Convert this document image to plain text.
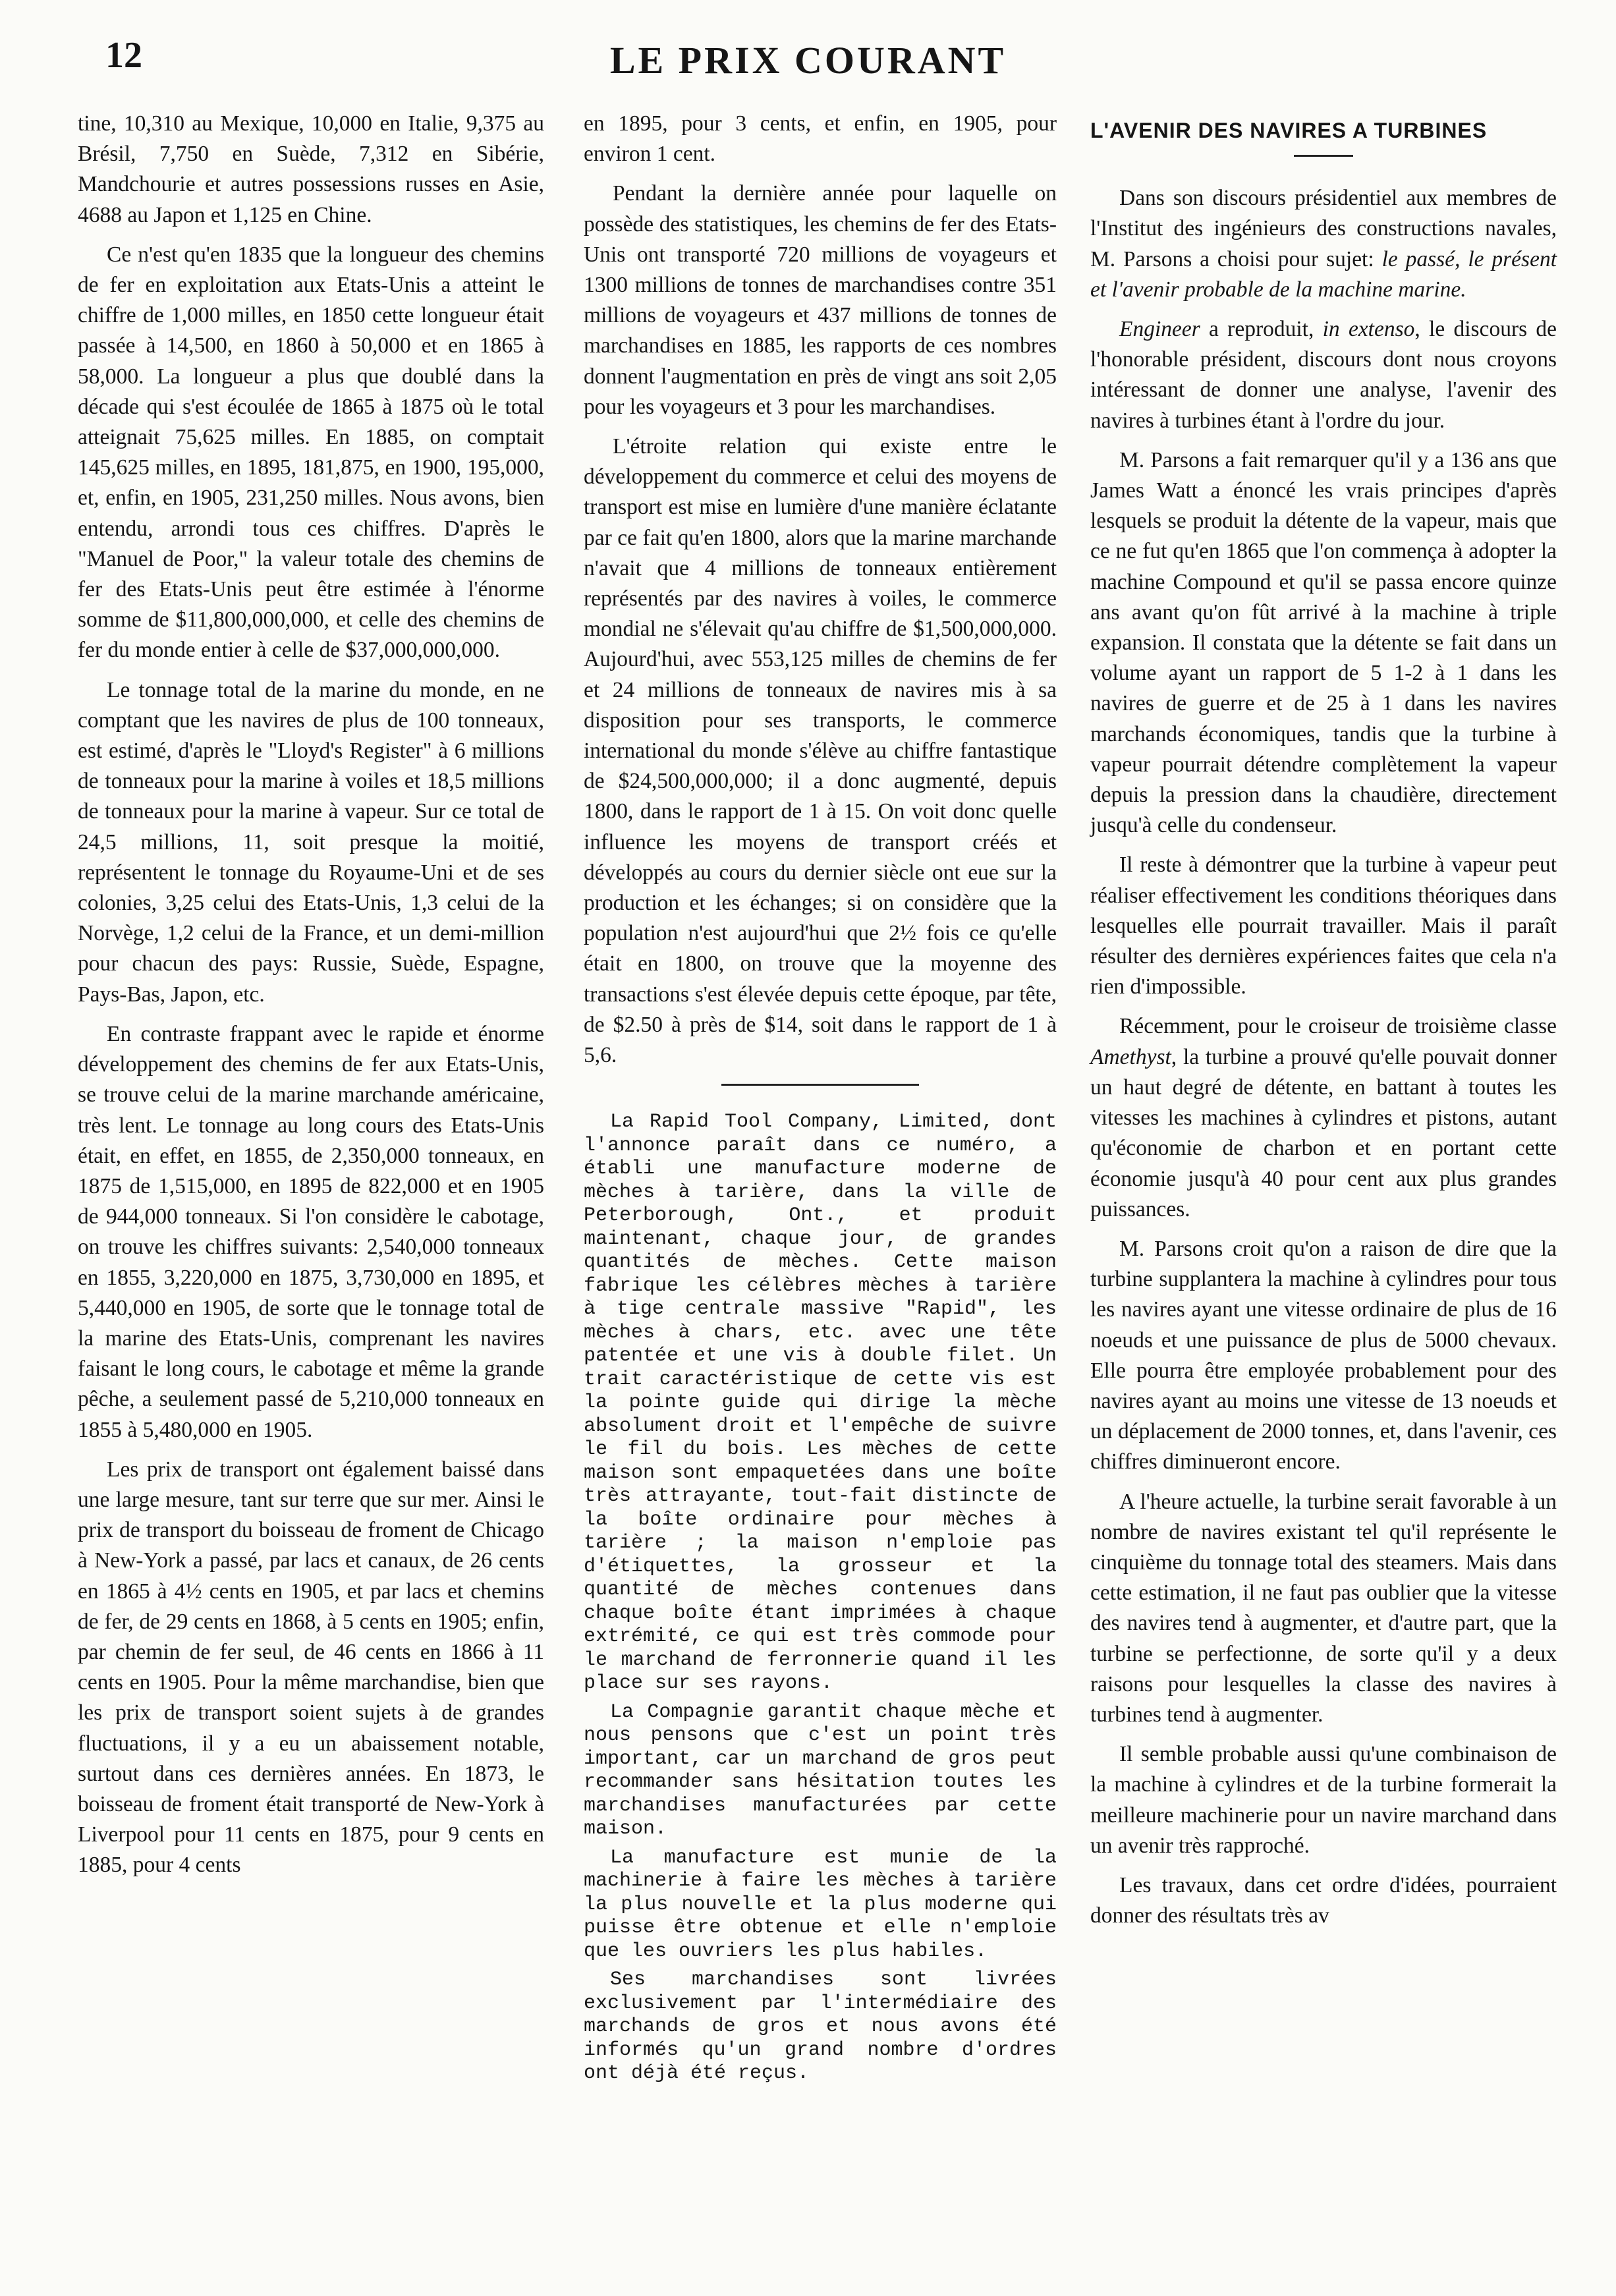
12	LE PRIX COURANT

tine, 10,310 au Mexique, 10,000 en Italie, 9,375 au Brésil, 7,750 en Suède, 7,312 en Sibérie, Mandchourie et autres possessions russes en Asie, 4688 au Japon et 1,125 en Chine.

Ce n'est qu'en 1835 que la longueur des chemins de fer en exploitation aux Etats-Unis a atteint le chiffre de 1,000 milles, en 1850 cette longueur était passée à 14,500, en 1860 à 50,000 et en 1865 à 58,000. La longueur a plus que doublé dans la décade qui s'est écoulée de 1865 à 1875 où le total atteignait 75,625 milles. En 1885, on comptait 145,625 milles, en 1895, 181,875, en 1900, 195,000, et, enfin, en 1905, 231,250 milles. Nous avons, bien entendu, arrondi tous ces chiffres. D'après le "Manuel de Poor," la valeur totale des chemins de fer des Etats-Unis peut être estimée à l'énorme somme de $11,800,000,000, et celle des chemins de fer du monde entier à celle de $37,000,000,000.

Le tonnage total de la marine du monde, en ne comptant que les navires de plus de 100 tonneaux, est estimé, d'après le "Lloyd's Register" à 6 millions de tonneaux pour la marine à voiles et 18,5 millions de tonneaux pour la marine à vapeur. Sur ce total de 24,5 millions, 11, soit presque la moitié, représentent le tonnage du Royaume-Uni et de ses colonies, 3,25 celui des Etats-Unis, 1,3 celui de la Norvège, 1,2 celui de la France, et un demi-million pour chacun des pays: Russie, Suède, Espagne, Pays-Bas, Japon, etc.

En contraste frappant avec le rapide et énorme développement des chemins de fer aux Etats-Unis, se trouve celui de la marine marchande américaine, très lent. Le tonnage au long cours des Etats-Unis était, en effet, en 1855, de 2,350,000 tonneaux, en 1875 de 1,515,000, en 1895 de 822,000 et en 1905 de 944,000 tonneaux. Si l'on considère le cabotage, on trouve les chiffres suivants: 2,540,000 tonneaux en 1855, 3,220,000 en 1875, 3,730,000 en 1895, et 5,440,000 en 1905, de sorte que le tonnage total de la marine des Etats-Unis, comprenant les navires faisant le long cours, le cabotage et même la grande pêche, a seulement passé de 5,210,000 tonneaux en 1855 à 5,480,000 en 1905.

Les prix de transport ont également baissé dans une large mesure, tant sur terre que sur mer. Ainsi le prix de transport du boisseau de froment de Chicago à New-York a passé, par lacs et canaux, de 26 cents en 1865 à 4½ cents en 1905, et par lacs et chemins de fer, de 29 cents en 1868, à 5 cents en 1905; enfin, par chemin de fer seul, de 46 cents en 1866 à 11 cents en 1905. Pour la même marchandise, bien que les prix de transport soient sujets à de grandes fluctuations, il y a eu un abaissement notable, surtout dans ces dernières années. En 1873, le boisseau de froment était transporté de New-York à Liverpool pour 11 cents en 1875, pour 9 cents en 1885, pour 4 cents

en 1895, pour 3 cents, et enfin, en 1905, pour environ 1 cent.

Pendant la dernière année pour laquelle on possède des statistiques, les chemins de fer des Etats-Unis ont transporté 720 millions de voyageurs et 1300 millions de tonnes de marchandises contre 351 millions de voyageurs et 437 millions de tonnes de marchandises en 1885, les rapports de ces nombres donnent l'augmentation en près de vingt ans soit 2,05 pour les voyageurs et 3 pour les marchandises.

L'étroite relation qui existe entre le développement du commerce et celui des moyens de transport est mise en lumière d'une manière éclatante par ce fait qu'en 1800, alors que la marine marchande n'avait que 4 millions de tonneaux entièrement représentés par des navires à voiles, le commerce mondial ne s'élevait qu'au chiffre de $1,500,000,000. Aujourd'hui, avec 553,125 milles de chemins de fer et 24 millions de tonneaux de navires mis à sa disposition pour ses transports, le commerce international du monde s'élève au chiffre fantastique de $24,500,000,000; il a donc augmenté, depuis 1800, dans le rapport de 1 à 15. On voit donc quelle influence les moyens de transport créés et développés au cours du dernier siècle ont eue sur la production et les échanges; si on considère que la population n'est aujourd'hui que 2½ fois ce qu'elle était en 1800, on trouve que la moyenne des transactions s'est élevée depuis cette époque, par tête, de $2.50 à près de $14, soit dans le rapport de 1 à 5,6.

La Rapid Tool Company, Limited, dont l'annonce paraît dans ce numéro, a établi une manufacture moderne de mèches à tarière, dans la ville de Peterborough, Ont., et produit maintenant, chaque jour, de grandes quantités de mèches. Cette maison fabrique les célèbres mèches à tarière à tige centrale massive "Rapid", les mèches à chars, etc. avec une tête patentée et une vis à double filet. Un trait caractéristique de cette vis est la pointe guide qui dirige la mèche absolument droit et l'empêche de suivre le fil du bois. Les mèches de cette maison sont empaquetées dans une boîte très attrayante, tout-fait distincte de la boîte ordinaire pour mèches à tarière ; la maison n'emploie pas d'étiquettes, la grosseur et la quantité de mèches contenues dans chaque boîte étant imprimées à chaque extrémité, ce qui est très commode pour le marchand de ferronnerie quand il les place sur ses rayons.

La Compagnie garantit chaque mèche et nous pensons que c'est un point très important, car un marchand de gros peut recommander sans hésitation toutes les marchandises manufacturées par cette maison.

La manufacture est munie de la machinerie à faire les mèches à tarière la plus nouvelle et la plus moderne qui puisse être obtenue et elle n'emploie que les ouvriers les plus habiles.

Ses marchandises sont livrées exclusivement par l'intermédiaire des marchands de gros et nous avons été informés qu'un grand nombre d'ordres ont déjà été reçus.

L'AVENIR DES NAVIRES A TURBINES

Dans son discours présidentiel aux membres de l'Institut des ingénieurs des constructions navales, M. Parsons a choisi pour sujet: le passé, le présent et l'avenir probable de la machine marine.

Engineer a reproduit, in extenso, le discours de l'honorable président, discours dont nous croyons intéressant de donner une analyse, l'avenir des navires à turbines étant à l'ordre du jour.

M. Parsons a fait remarquer qu'il y a 136 ans que James Watt a énoncé les vrais principes d'après lesquels se produit la détente de la vapeur, mais que ce ne fut qu'en 1865 que l'on commença à adopter la machine Compound et qu'il se passa encore quinze ans avant qu'on fût arrivé à la machine à triple expansion. Il constata que la détente se fait dans un volume ayant un rapport de 5 1-2 à 1 dans les navires de guerre et de 25 à 1 dans les navires marchands économiques, tandis que la turbine à vapeur pourrait détendre complètement la vapeur depuis la pression dans la chaudière, directement jusqu'à celle du condenseur.

Il reste à démontrer que la turbine à vapeur peut réaliser effectivement les conditions théoriques dans lesquelles elle pourrait travailler. Mais il paraît résulter des dernières expériences faites que cela n'a rien d'impossible.

Récemment, pour le croiseur de troisième classe Amethyst, la turbine a prouvé qu'elle pouvait donner un haut degré de détente, en battant à toutes les vitesses les machines à cylindres et pistons, autant qu'économie de charbon et en portant cette économie jusqu'à 40 pour cent aux plus grandes puissances.

M. Parsons croit qu'on a raison de dire que la turbine supplantera la machine à cylindres pour tous les navires ayant une vitesse ordinaire de plus de 16 noeuds et une puissance de plus de 5000 chevaux. Elle pourra être employée probablement pour des navires ayant au moins une vitesse de 13 noeuds et un déplacement de 2000 tonnes, et, dans l'avenir, ces chiffres diminueront encore.

A l'heure actuelle, la turbine serait favorable à un nombre de navires existant tel qu'il représente le cinquième du tonnage total des steamers. Mais dans cette estimation, il ne faut pas oublier que la vitesse des navires tend à augmenter, et d'autre part, que la turbine se perfectionne, de sorte qu'il y a deux raisons pour lesquelles la classe des navires à turbines tend à augmenter.

Il semble probable aussi qu'une combinaison de la machine à cylindres et de la turbine formerait la meilleure machinerie pour un navire marchand dans un avenir très rapproché.

Les travaux, dans cet ordre d'idées, pourraient donner des résultats très av
